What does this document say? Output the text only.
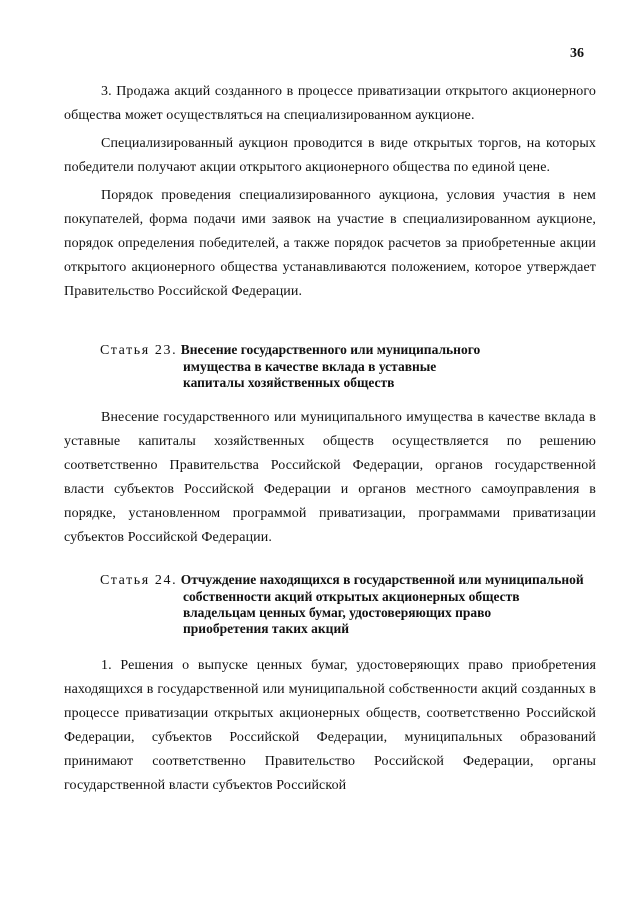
36

3. Продажа акций созданного в процессе приватизации открытого акционерного общества может осуществляться на специализированном аукционе.

Специализированный аукцион проводится в виде открытых торгов, на которых победители получают акции открытого акционерного общества по единой цене.

Порядок проведения специализированного аукциона, условия участия в нем покупателей, форма подачи ими заявок на участие в специализированном аукционе, порядок определения победителей, а также порядок расчетов за приобретенные акции открытого акционерного общества устанавливаются положением, которое утверждает Правительство Российской Федерации.

Статья 23. Внесение государственного или муниципального
имущества в качестве вклада в уставные
капиталы хозяйственных обществ

Внесение государственного или муниципального имущества в качестве вклада в уставные капиталы хозяйственных обществ осуществляется по решению соответственно Правительства Российской Федерации, органов государственной власти субъектов Российской Федерации и органов местного самоуправления в порядке, установленном программой приватизации, программами приватизации субъектов Российской Федерации.

Статья 24. Отчуждение находящихся в государственной или муниципальной
собственности акций открытых акционерных обществ
владельцам ценных бумаг, удостоверяющих право
приобретения таких акций

1. Решения о выпуске ценных бумаг, удостоверяющих право приобретения находящихся в государственной или муниципальной собственности акций созданных в процессе приватизации открытых акционерных обществ, соответственно Российской Федерации, субъектов Российской Федерации, муниципальных образований принимают соответственно Правительство Российской Федерации, органы государственной власти субъектов Российской
